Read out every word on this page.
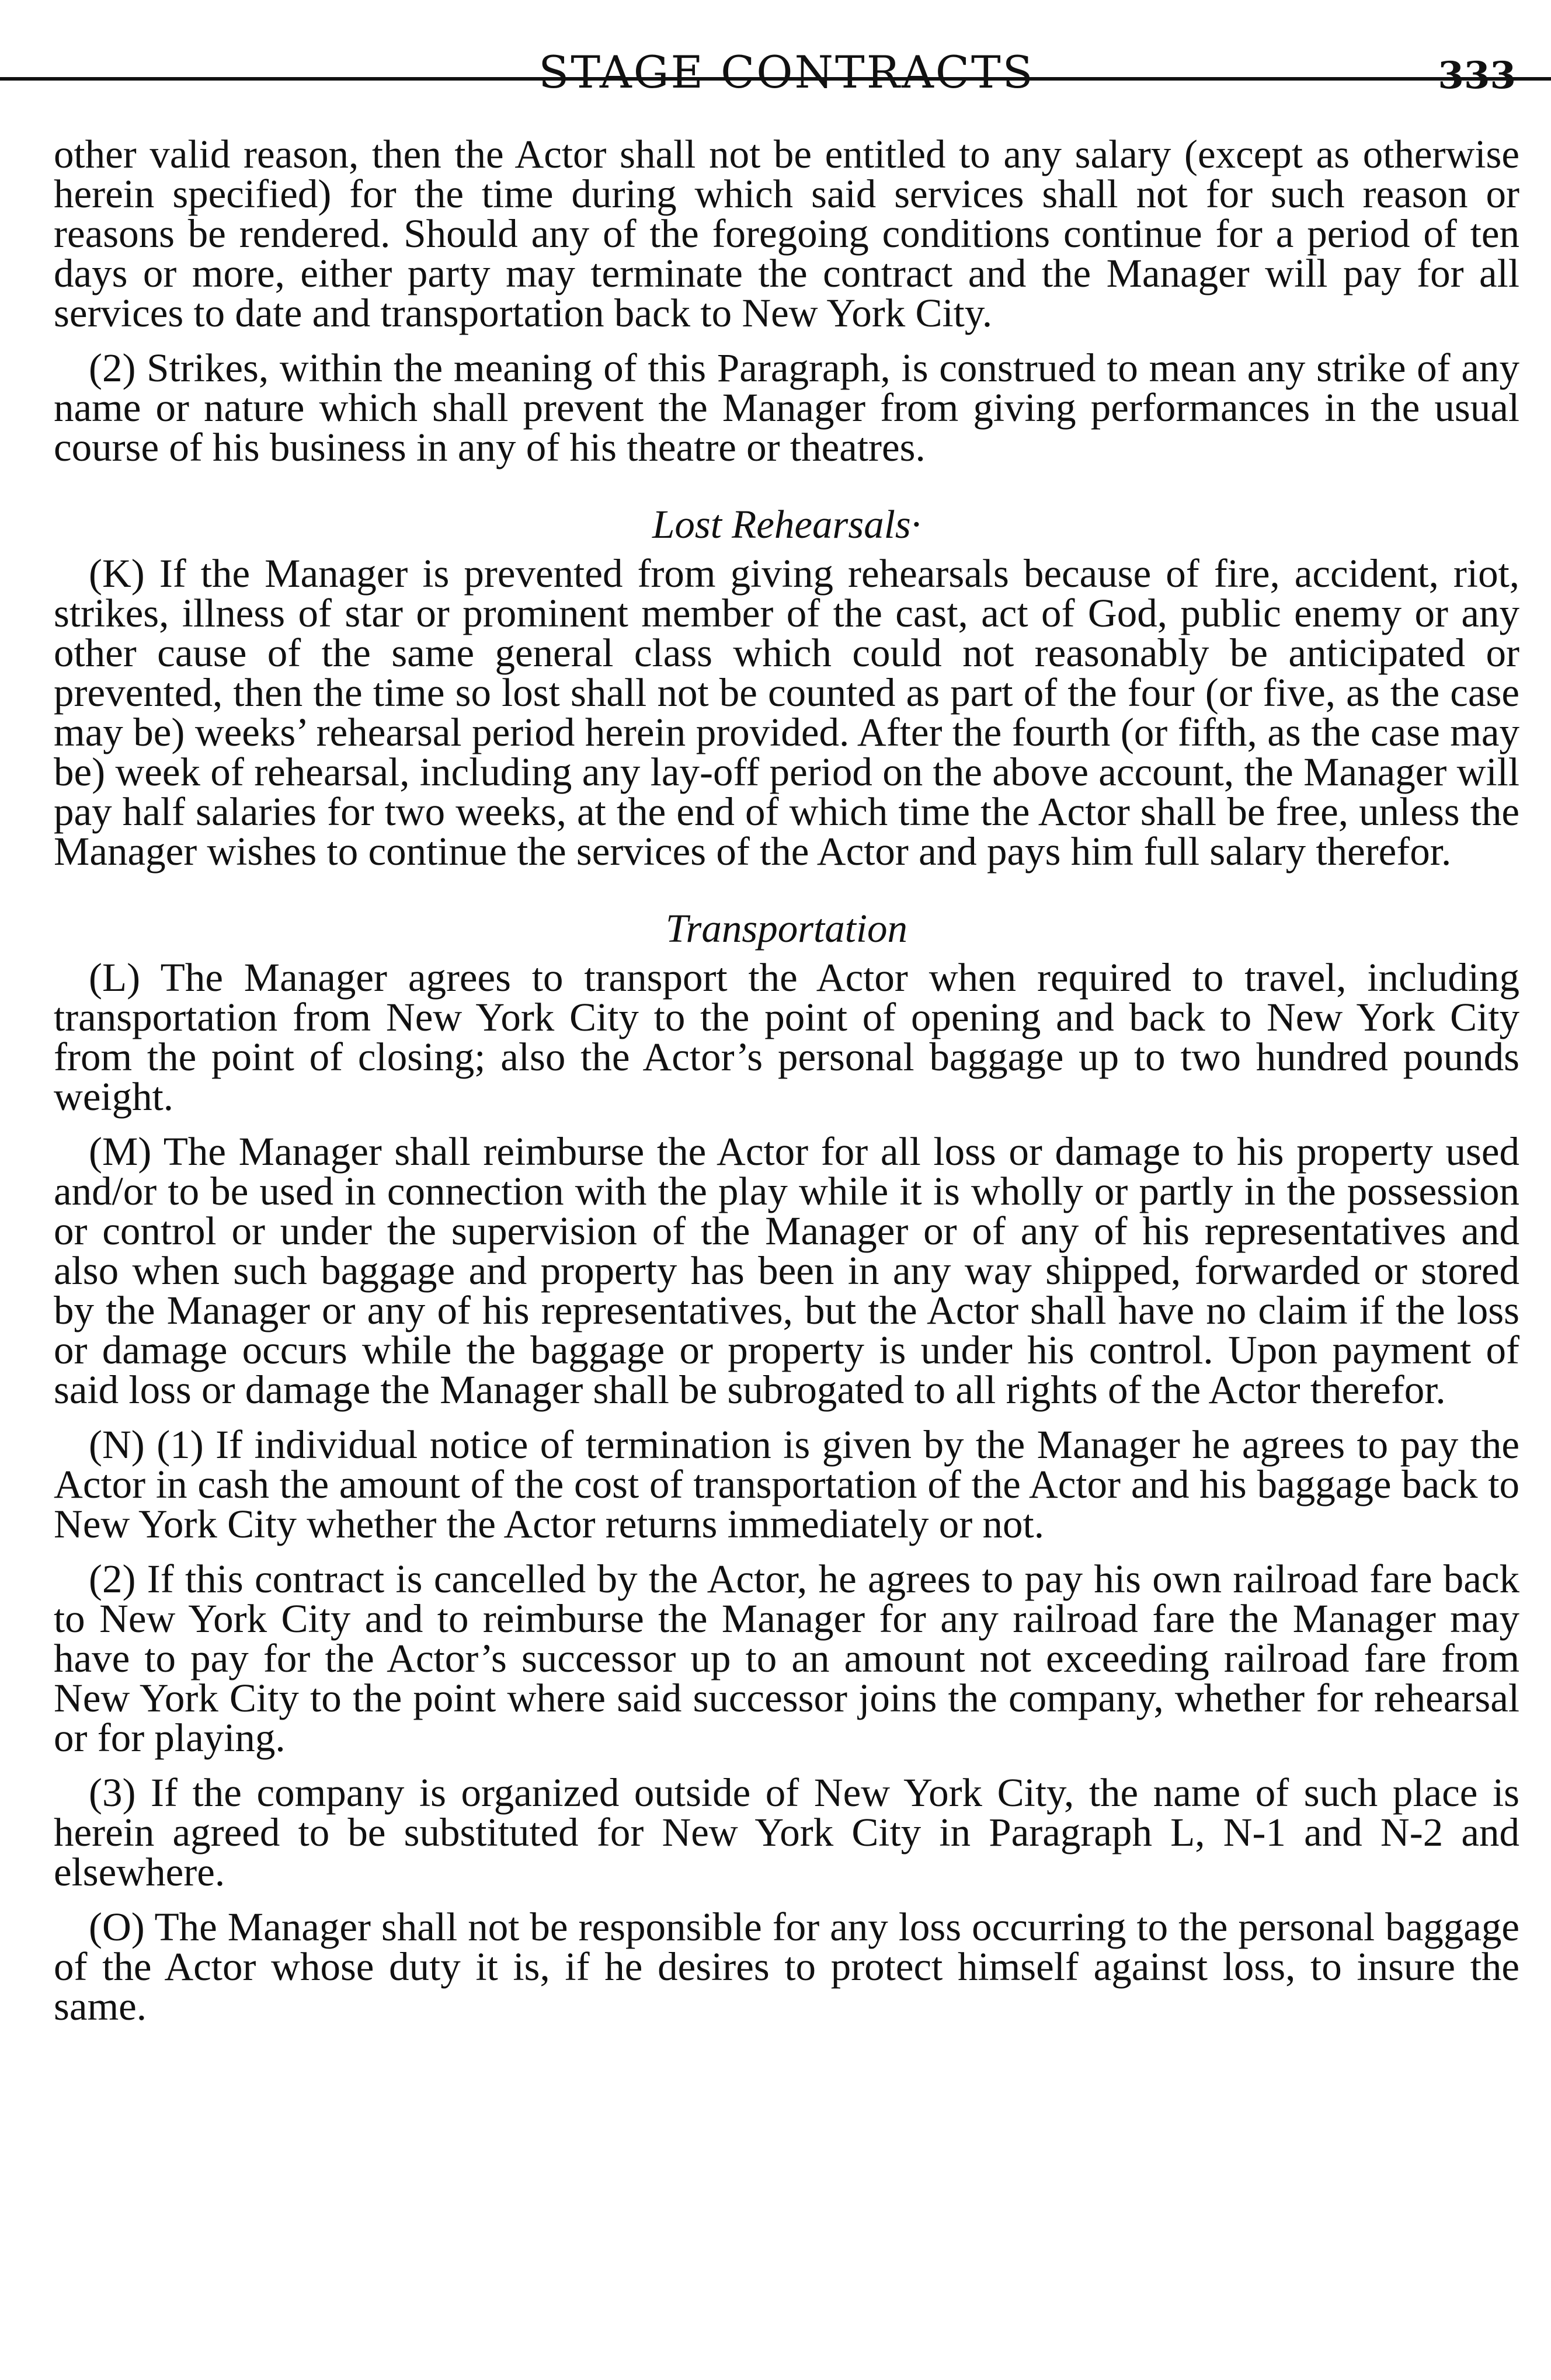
STAGE CONTRACTS	333

other valid reason, then the Actor shall not be entitled to any salary (except as otherwise herein specified) for the time during which said services shall not for such reason or reasons be rendered. Should any of the foregoing conditions continue for a period of ten days or more, either party may terminate the contract and the Manager will pay for all services to date and transportation back to New York City.

(2) Strikes, within the meaning of this Paragraph, is construed to mean any strike of any name or nature which shall prevent the Manager from giving performances in the usual course of his business in any of his theatre or theatres.

Lost Rehearsals·

(K) If the Manager is prevented from giving rehearsals because of fire, accident, riot, strikes, illness of star or prominent member of the cast, act of God, public enemy or any other cause of the same general class which could not reasonably be anticipated or prevented, then the time so lost shall not be counted as part of the four (or five, as the case may be) weeks’ rehearsal period herein provided. After the fourth (or fifth, as the case may be) week of rehearsal, including any lay-off period on the above account, the Manager will pay half salaries for two weeks, at the end of which time the Actor shall be free, unless the Manager wishes to continue the services of the Actor and pays him full salary therefor.

Transportation

(L) The Manager agrees to transport the Actor when required to travel, including transportation from New York City to the point of opening and back to New York City from the point of closing; also the Actor’s personal baggage up to two hundred pounds weight.

(M) The Manager shall reimburse the Actor for all loss or damage to his property used and/or to be used in connection with the play while it is wholly or partly in the possession or control or under the supervision of the Manager or of any of his representatives and also when such baggage and property has been in any way shipped, forwarded or stored by the Manager or any of his representatives, but the Actor shall have no claim if the loss or damage occurs while the baggage or property is under his control. Upon payment of said loss or damage the Manager shall be subrogated to all rights of the Actor therefor.

(N) (1) If individual notice of termination is given by the Manager he agrees to pay the Actor in cash the amount of the cost of transportation of the Actor and his baggage back to New York City whether the Actor returns immediately or not.

(2) If this contract is cancelled by the Actor, he agrees to pay his own railroad fare back to New York City and to reimburse the Manager for any railroad fare the Manager may have to pay for the Actor’s successor up to an amount not exceeding railroad fare from New York City to the point where said successor joins the company, whether for rehearsal or for playing.

(3) If the company is organized outside of New York City, the name of such place is herein agreed to be substituted for New York City in Paragraph L, N-1 and N-2 and elsewhere.

(O) The Manager shall not be responsible for any loss occurring to the personal baggage of the Actor whose duty it is, if he desires to protect himself against loss, to insure the same.
